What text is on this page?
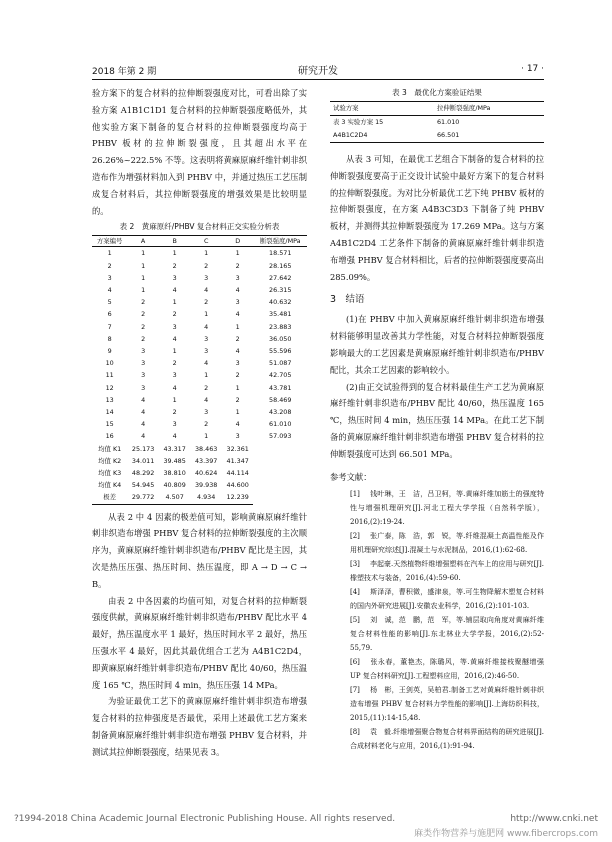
2018 年第 2 期	研究开发	· 17 ·

验方案下的复合材料的拉伸断裂强度对比，可看出除了实验方案 A1B1C1D1 复合材料的拉伸断裂强度略低外，其他实验方案下制备的复合材料的拉伸断裂强度均高于 PHBV 板材的拉伸断裂强度，且其超出水平在 26.26%~222.5% 不等。这表明将黄麻原麻纤维针刺非织造布作为增强材料加入到 PHBV 中，并通过热压工艺压制成复合材料后，其拉伸断裂强度的增强效果是比较明显的。

表 2　黄麻原纤/PHBV 复合材料正交实验分析表
方案编号	A	B	C	D	断裂强度/MPa
1	1	1	1	1	18.571
2	1	2	2	2	28.165
3	1	3	3	3	27.642
4	1	4	4	4	26.315
5	2	1	2	3	40.632
6	2	2	1	4	35.481
7	2	3	4	1	23.883
8	2	4	3	2	36.050
9	3	1	3	4	55.596
10	3	2	4	3	51.087
11	3	3	1	2	42.705
12	3	4	2	1	43.781
13	4	1	4	2	58.469
14	4	2	3	1	43.208
15	4	3	2	4	61.010
16	4	4	1	3	57.093
均值 K1	25.173	43.317	38.463	32.361	
均值 K2	34.011	39.485	43.397	41.347	
均值 K3	48.292	38.810	40.624	44.114	
均值 K4	54.945	40.809	39.938	44.600	
极差	29.772	4.507	4.934	12.239	

从表 2 中 4 因素的极差值可知，影响黄麻原麻纤维针刺非织造布增强 PHBV 复合材料的拉伸断裂强度的主次顺序为，黄麻原麻纤维针刺非织造布/PHBV 配比是主因，其次是热压压强、热压时间、热压温度，即 A → D → C → B。

由表 2 中各因素的均值可知，对复合材料的拉伸断裂强度供献，黄麻原麻纤维针刺非织造布/PHBV 配比水平 4 最好，热压温度水平 1 最好，热压时间水平 2 最好，热压压强水平 4 最好，因此其最优组合工艺为 A4B1C2D4，即黄麻原麻纤维针刺非织造布/PHBV 配比 40/60，热压温度 165 ℃，热压时间 4 min，热压压强 14 MPa。

为验证最优工艺下的黄麻原麻纤维针刺非织造布增强复合材料的拉伸强度是否最优，采用上述最优工艺方案来制备黄麻原麻纤维针刺非织造布增强 PHBV 复合材料，并测试其拉伸断裂强度，结果见表 3。

表 3　最优化方案验证结果
试验方案	拉伸断裂强度/MPa
表 3 实验方案 15	61.010
A4B1C2D4	66.501

从表 3 可知，在最优工艺组合下制备的复合材料的拉伸断裂强度要高于正交设计试验中最好方案下的复合材料的拉伸断裂强度。为对比分析最优工艺下纯 PHBV 板材的拉伸断裂强度，在方案 A4B3C3D3 下制备了纯 PHBV 板材，并测得其拉伸断裂强度为 17.269 MPa。这与方案 A4B1C2D4 工艺条件下制备的黄麻原麻纤维针刺非织造布增强 PHBV 复合材料相比，后者的拉伸断裂强度要高出 285.09%。

3　结语

(1)在 PHBV 中加入黄麻原麻纤维针刺非织造布增强材料能够明显改善其力学性能，对复合材料拉伸断裂强度影响最大的工艺因素是黄麻原麻纤维针刺非织造布/PHBV 配比，其余工艺因素的影响较小。

(2)由正交试验得到的复合材料最佳生产工艺为黄麻原麻纤维针刺非织造布/PHBV 配比 40/60，热压温度 165 ℃，热压时间 4 min，热压压强 14 MPa。在此工艺下制备的黄麻原麻纤维针刺非织造布增强 PHBV 复合材料的拉伸断裂强度可达到 66.501 MPa。

参考文献：

[1] 钱叶琳，王　洁，吕卫柯，等.黄麻纤维加筋土的强度特性与增强机理研究[J].河北工程大学学报（自然科学版），2016,(2):19-24.

[2] 张广泰，陈　浩，郭　锐，等.纤维混凝土高温性能及作用机理研究综述[J].混凝土与水泥制品，2016,(1):62-68.

[3] 李起豪.天然植物纤维增强塑料在汽车上的应用与研究[J].橡塑技术与装备，2016,(4):59-60.

[4] 斯泽泽，曹积微，盛津泉，等.可生物降解木塑复合材料的国内外研究进展[J].安徽农业科学，2016,(2):101-103.

[5] 刘　诚，范　鹏，范　军，等.铺层取向角度对黄麻纤维复合材料性能的影响[J].东北林业大学学报，2016,(2):52-55,79.

[6] 张永春，董艳杰，陈璐风，等.黄麻纤维接枝聚醚增强 UP 复合材料研究[J].工程塑料应用，2016,(2):46-50.

[7] 杨　彬，王剑英，吴柏君.制备工艺对黄麻纤维针刺非织造布增强 PHBV 复合材料力学性能的影响[J].上海纺织科技，2015,(11):14-15,48.

[8] 袁　毅.纤维增强聚合物复合材料界面结构的研究进展[J].合成材料老化与应用，2016,(1):91-94.

?1994-2018 China Academic Journal Electronic Publishing House. All rights reserved.	http://www.cnki.net
麻类作物营养与施肥网 www.fibercrops.com
